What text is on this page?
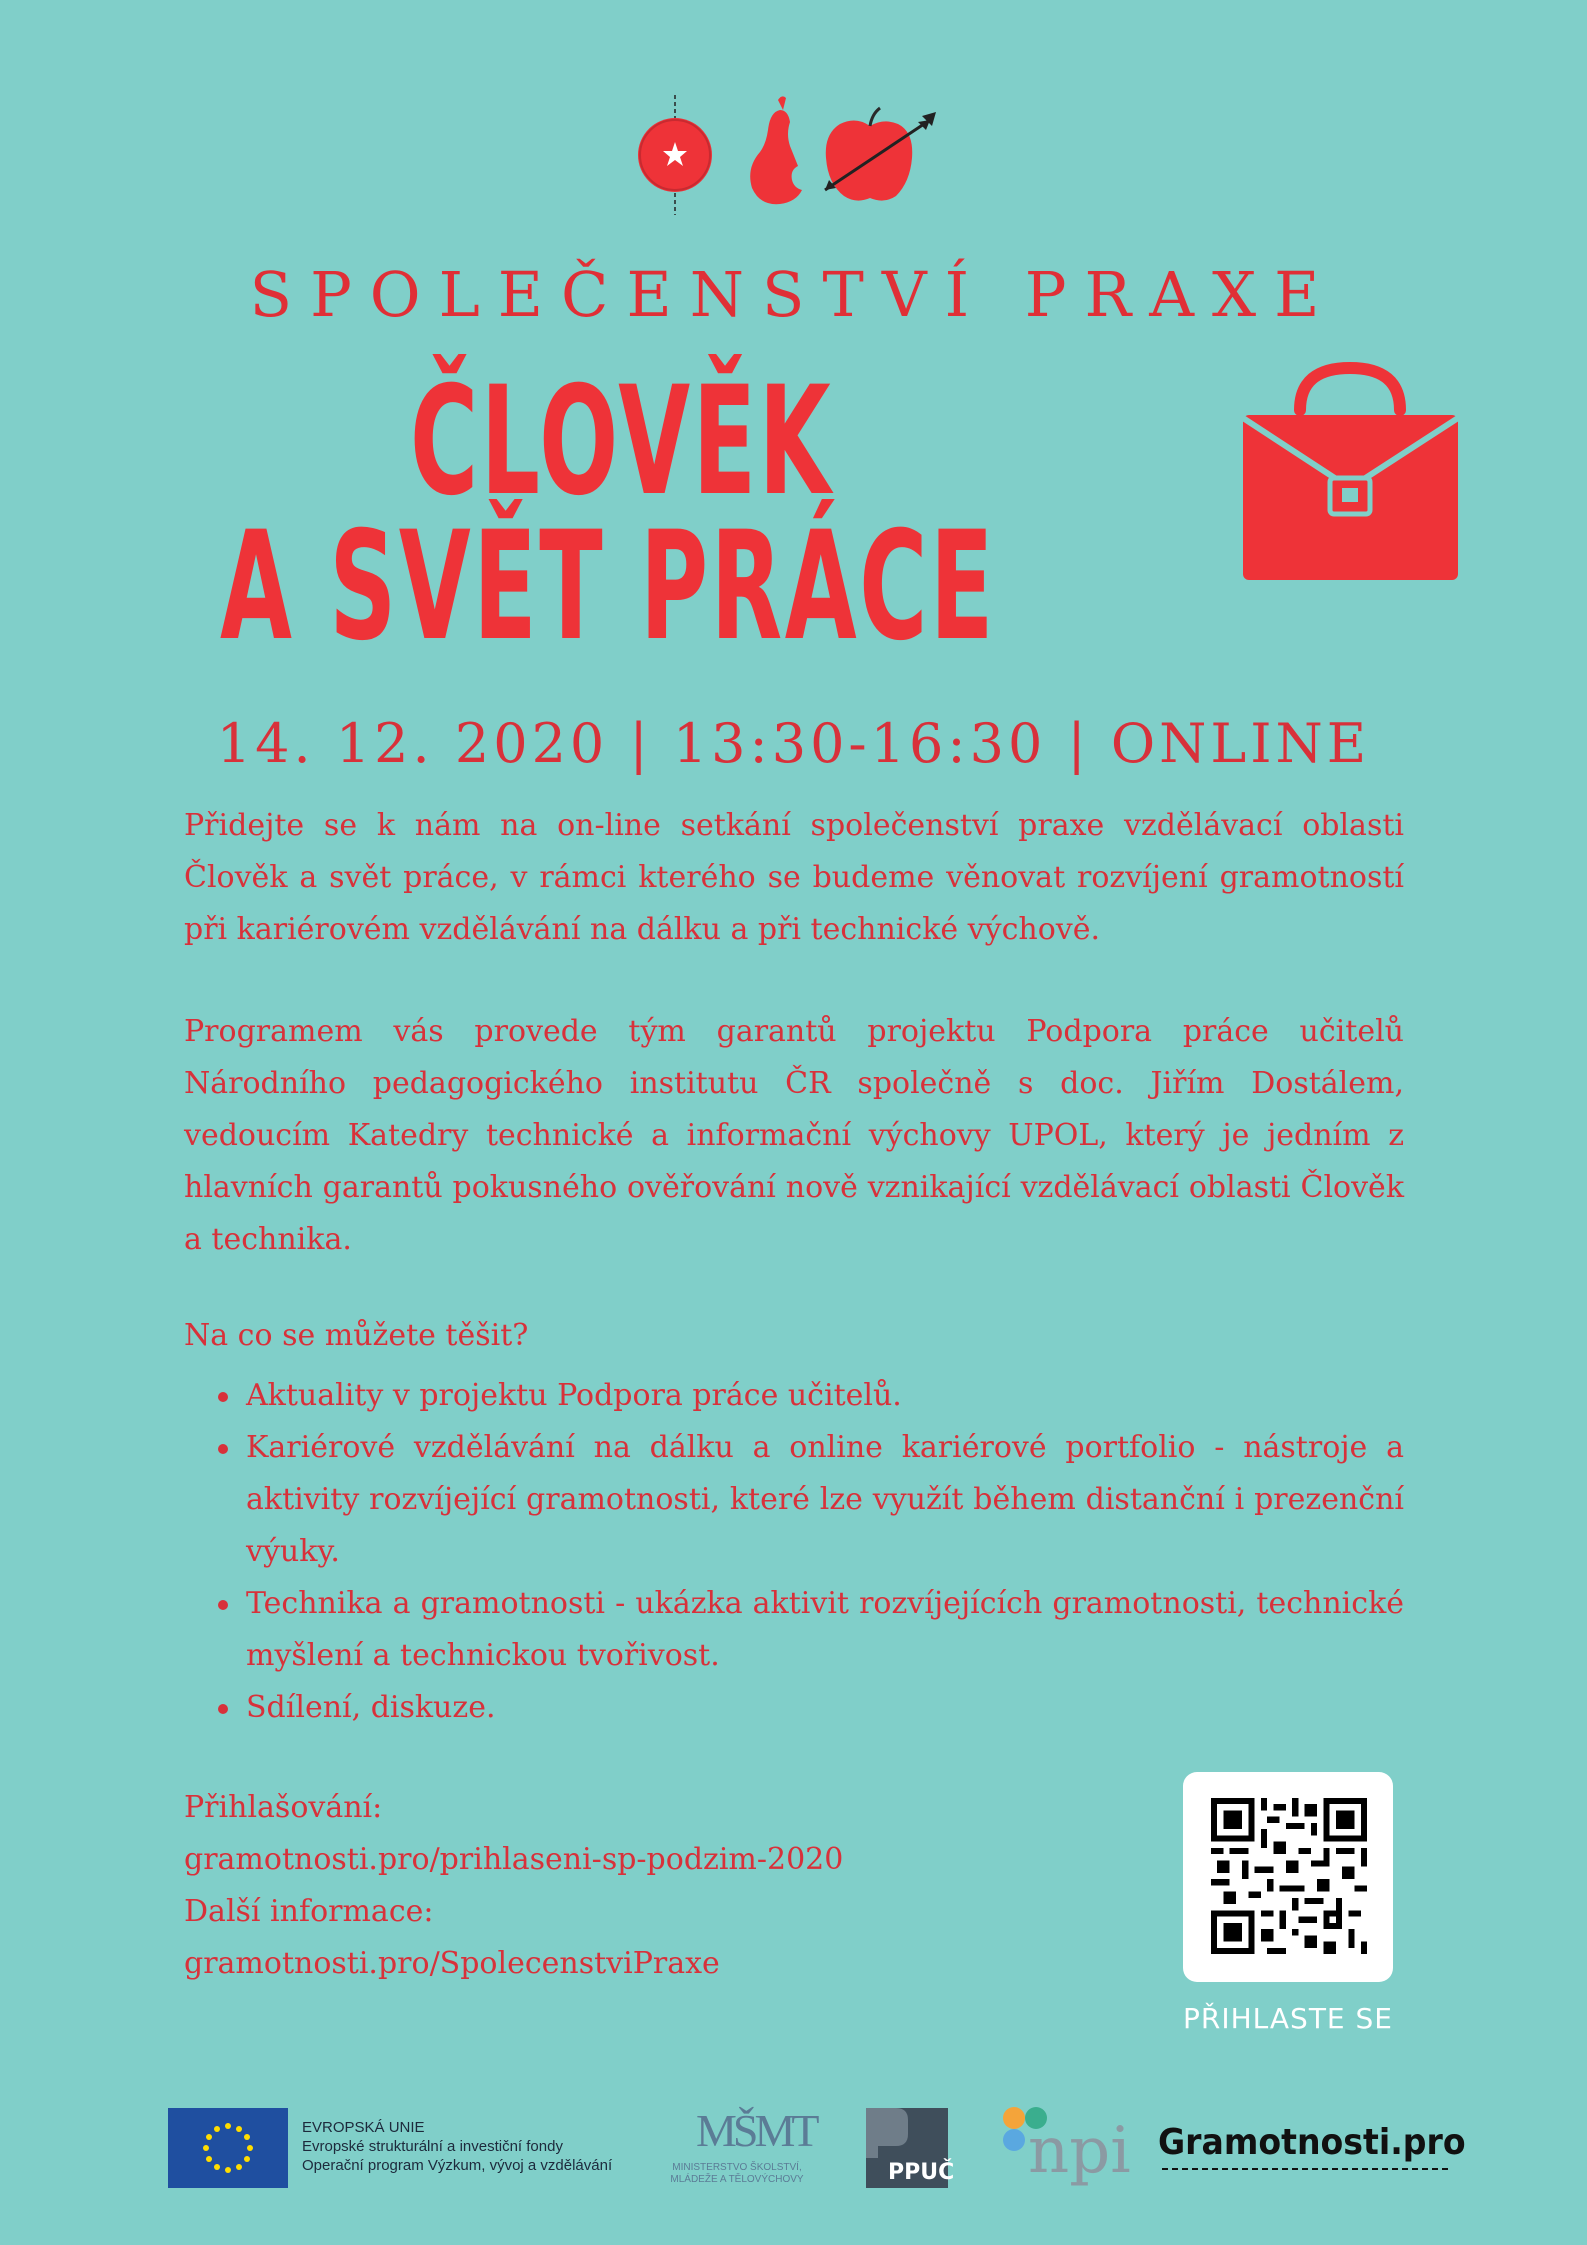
SPOLEČENSTVÍ PRAXE
ČLOVĚK
A SVĚT PRÁCE
14. 12. 2020 | 13:30-16:30 | ONLINE
Přidejte se k nám na on-line setkání společenství praxe vzdělávací oblasti Člověk a svět práce, v rámci kterého se budeme věnovat rozvíjení gramotností při kariérovém vzdělávání na dálku a při technické výchově.
Programem vás provede tým garantů projektu Podpora práce učitelů Národního pedagogického institutu ČR společně s doc. Jiřím Dostálem, vedoucím Katedry technické a informační výchovy UPOL, který je jedním z hlavních garantů pokusného ověřování nově vznikající vzdělávací oblasti Člověk a technika.
Na co se můžete těšit?
Aktuality v projektu Podpora práce učitelů.
Kariérové vzdělávání na dálku a online kariérové portfolio - nástroje a aktivity rozvíjející gramotnosti, které lze využít během distanční i prezenční výuky.
Technika a gramotnosti - ukázka aktivit rozvíjejících gramotnosti, technické myšlení a technickou tvořivost.
Sdílení, diskuze.
Přihlašování:
gramotnosti.pro/prihlaseni-sp-podzim-2020
Další informace:
gramotnosti.pro/SpolecenstviPraxe
PŘIHLASTE SE
EVROPSKÁ UNIE
Evropské strukturální a investiční fondy
Operační program Výzkum, vývoj a vzdělávání
MŠMT
MINISTERSTVO ŠKOLSTVÍ,
MLÁDEŽE A TĚLOVÝCHOVY	PPUČ npi Gramotnosti.pro
